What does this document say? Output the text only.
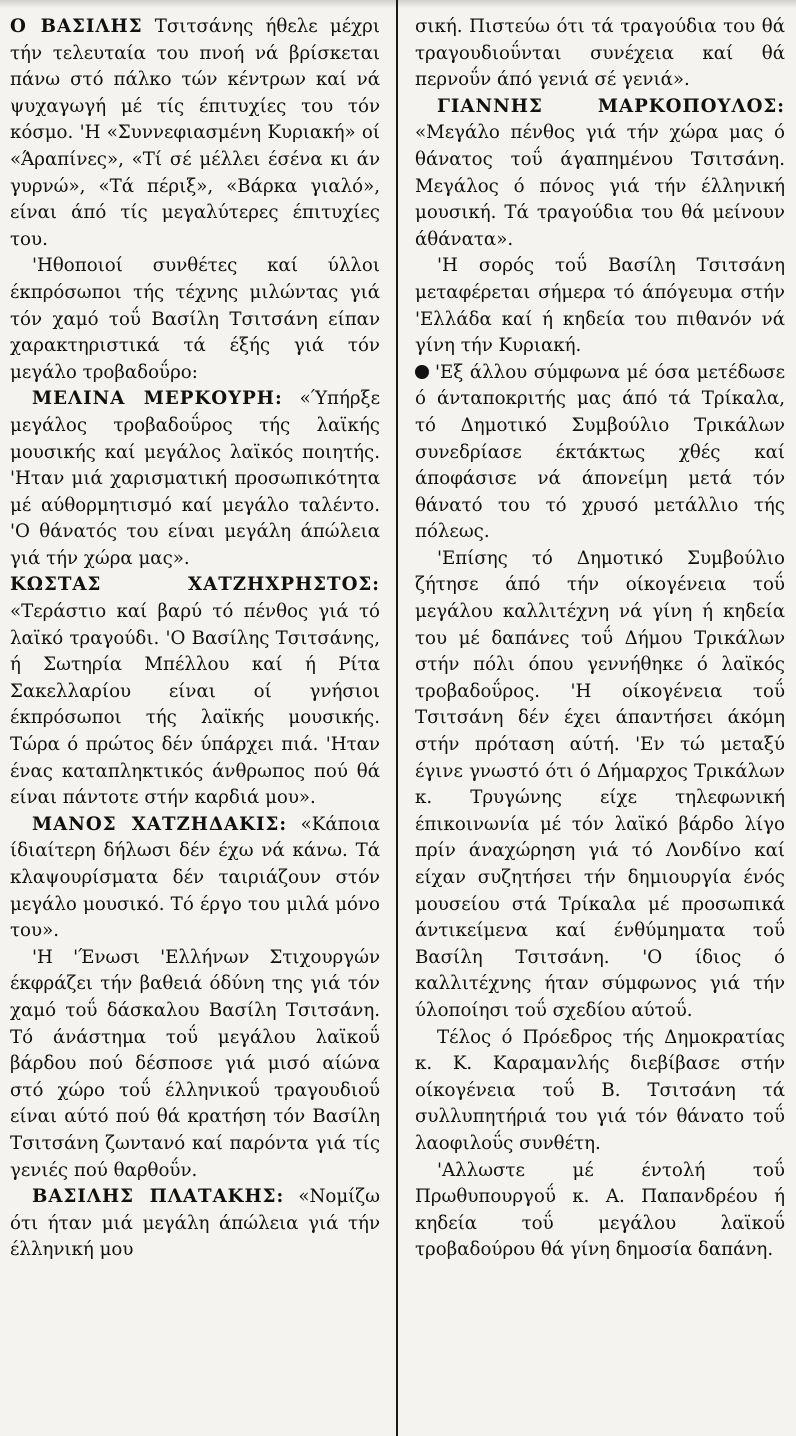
Ο ΒΑΣΙΛΗΣ Τσιτσάνης ήθελε μέχρι τήν τελευταία του πνοή νά βρίσκεται πάνω στό πάλκο τών κέντρων καί νά ψυχαγωγή μέ τίς έπιτυχίες του τόν κόσμο. 'Η «Συννεφιασμένη Κυριακή» οί «Άραπίνες», «Τί σέ μέλλει έσένα κι άν γυρνώ», «Τά πέριξ», «Βάρκα γιαλό», είναι άπό τίς μεγαλύτερες έπιτυχίες του.

'Ηθοποιοί συνθέτες καί ύλλοι έκπρόσωποι τής τέχνης μιλώντας γιά τόν χαμό τοΰ Βασίλη Τσιτσάνη είπαν χαρακτηριστικά τά έξής γιά τόν μεγάλο τροβαδοΰρο:

ΜΕΛΙΝΑ ΜΕΡΚΟΥΡΗ: «Ύπήρξε μεγάλος τροβαδοΰρος τής λαϊκής μουσικής καί μεγάλος λαϊκός ποιητής. 'Ηταν μιά χαρισματική προσωπικότητα μέ αύθορμητισμό καί μεγάλο ταλέντο. 'Ο θάνατός του είναι μεγάλη άπώλεια γιά τήν χώρα μας».

ΚΩΣΤΑΣ ΧΑΤΖΗΧΡΗΣΤΟΣ: «Τεράστιο καί βαρύ τό πένθος γιά τό λαϊκό τραγούδι. 'Ο Βασίλης Τσιτσάνης, ή Σωτηρία Μπέλλου καί ή Ρίτα Σακελλαρίου είναι οί γνήσιοι έκπρόσωποι τής λαϊκής μουσικής. Τώρα ό πρώτος δέν ύπάρχει πιά. 'Ηταν ένας καταπληκτικός άνθρωπος πού θά είναι πάντοτε στήν καρδιά μου».

ΜΑΝΟΣ ΧΑΤΖΗΔΑΚΙΣ: «Κάποια ίδιαίτερη δήλωσι δέν έχω νά κάνω. Τά κλαψουρίσματα δέν ταιριάζουν στόν μεγάλο μουσικό. Τό έργο του μιλά μόνο του».

'Η 'Ένωσι 'Ελλήνων Στιχουργών έκφράζει τήν βαθειά όδύνη της γιά τόν χαμό τοΰ δάσκαλου Βασίλη Τσιτσάνη. Τό άνάστημα τοΰ μεγάλου λαϊκοΰ βάρδου πού δέσποσε γιά μισό αίώνα στό χώρο τοΰ έλληνικοΰ τραγουδιοΰ είναι αύτό πού θά κρατήση τόν Βασίλη Τσιτσάνη ζωντανό καί παρόντα γιά τίς γενιές πού θαρθοΰν.

ΒΑΣΙΛΗΣ ΠΛΑΤΑΚΗΣ: «Νομίζω ότι ήταν μιά μεγάλη άπώλεια γιά τήν έλληνική μου

σική. Πιστεύω ότι τά τραγούδια του θά τραγουδιοΰνται συνέχεια καί θά περνοΰν άπό γενιά σέ γενιά».

ΓΙΑΝΝΗΣ ΜΑΡΚΟΠΟΥΛΟΣ: «Μεγάλο πένθος γιά τήν χώρα μας ό θάνατος τοΰ άγαπημένου Τσιτσάνη. Μεγάλος ό πόνος γιά τήν έλληνική μουσική. Τά τραγούδια του θά μείνουν άθάνατα».

'Η σορός τοΰ Βασίλη Τσιτσάνη μεταφέρεται σήμερα τό άπόγευμα στήν 'Ελλάδα καί ή κηδεία του πιθανόν νά γίνη τήν Κυριακή.

'Εξ άλλου σύμφωνα μέ όσα μετέδωσε ό άνταποκριτής μας άπό τά Τρίκαλα, τό Δημοτικό Συμβούλιο Τρικάλων συνεδρίασε έκτάκτως χθές καί άποφάσισε νά άπονείμη μετά τόν θάνατό του τό χρυσό μετάλλιο τής πόλεως.

'Επίσης τό Δημοτικό Συμβούλιο ζήτησε άπό τήν οίκογένεια τοΰ μεγάλου καλλιτέχνη νά γίνη ή κηδεία του μέ δαπάνες τοΰ Δήμου Τρικάλων στήν πόλι όπου γεννήθηκε ό λαϊκός τροβαδοΰρος. 'Η οίκογένεια τοΰ Τσιτσάνη δέν έχει άπαντήσει άκόμη στήν πρόταση αύτή. 'Εν τώ μεταξύ έγινε γνωστό ότι ό Δήμαρχος Τρικάλων κ. Τρυγώνης είχε τηλεφωνική έπικοινωνία μέ τόν λαϊκό βάρδο λίγο πρίν άναχώρηση γιά τό Λονδίνο καί είχαν συζητήσει τήν δημιουργία ένός μουσείου στά Τρίκαλα μέ προσωπικά άντικείμενα καί ένθύμηματα τοΰ Βασίλη Τσιτσάνη. 'Ο ίδιος ό καλλιτέχνης ήταν σύμφωνος γιά τήν ύλοποίησι τοΰ σχεδίου αύτοΰ.

Τέλος ό Πρόεδρος τής Δημοκρατίας κ. Κ. Καραμανλής διεβίβασε στήν οίκογένεια τοΰ Β. Τσιτσάνη τά συλλυπητήριά του γιά τόν θάνατο τοΰ λαοφιλοΰς συνθέτη.

'Αλλωστε μέ έντολή τοΰ Πρωθυπουργοΰ κ. Α. Παπανδρέου ή κηδεία τοΰ μεγάλου λαϊκοΰ τροβαδούρου θά γίνη δημοσία δαπάνη.
